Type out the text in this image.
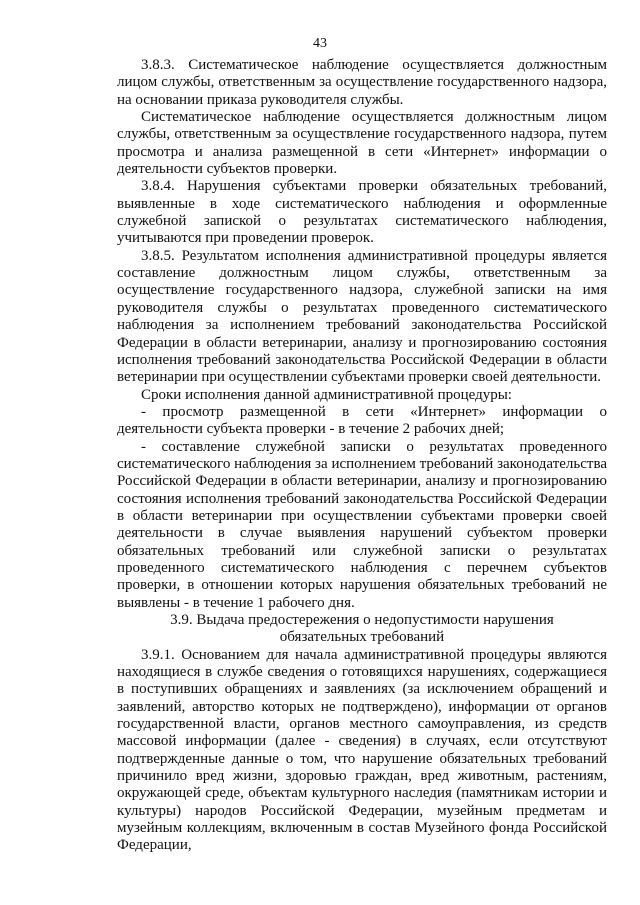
43

3.8.3. Систематическое наблюдение осуществляется должностным лицом службы, ответственным за осуществление государственного надзора, на основании приказа руководителя службы.

Систематическое наблюдение осуществляется должностным лицом службы, ответственным за осуществление государственного надзора, путем просмотра и анализа размещенной в сети «Интернет» информации о деятельности субъектов проверки.

3.8.4. Нарушения субъектами проверки обязательных требований, выявленные в ходе систематического наблюдения и оформленные служебной запиской о результатах систематического наблюдения, учитываются при проведении проверок.

3.8.5. Результатом исполнения административной процедуры является составление должностным лицом службы, ответственным за осуществление государственного надзора, служебной записки на имя руководителя службы о результатах проведенного систематического наблюдения за исполнением требований законодательства Российской Федерации в области ветеринарии, анализу и прогнозированию состояния исполнения требований законодательства Российской Федерации в области ветеринарии при осуществлении субъектами проверки своей деятельности.

Сроки исполнения данной административной процедуры:

- просмотр размещенной в сети «Интернет» информации о деятельности субъекта проверки - в течение 2 рабочих дней;

- составление служебной записки о результатах проведенного систематического наблюдения за исполнением требований законодательства Российской Федерации в области ветеринарии, анализу и прогнозированию состояния исполнения требований законодательства Российской Федерации в области ветеринарии при осуществлении субъектами проверки своей деятельности в случае выявления нарушений субъектом проверки обязательных требований или служебной записки о результатах проведенного систематического наблюдения с перечнем субъектов проверки, в отношении которых нарушения обязательных требований не выявлены - в течение 1 рабочего дня.

3.9. Выдача предостережения о недопустимости нарушения обязательных требований

3.9.1. Основанием для начала административной процедуры являются находящиеся в службе сведения о готовящихся нарушениях, содержащиеся в поступивших обращениях и заявлениях (за исключением обращений и заявлений, авторство которых не подтверждено), информации от органов государственной власти, органов местного самоуправления, из средств массовой информации (далее - сведения) в случаях, если отсутствуют подтвержденные данные о том, что нарушение обязательных требований причинило вред жизни, здоровью граждан, вред животным, растениям, окружающей среде, объектам культурного наследия (памятникам истории и культуры) народов Российской Федерации, музейным предметам и музейным коллекциям, включенным в состав Музейного фонда Российской Федерации,
